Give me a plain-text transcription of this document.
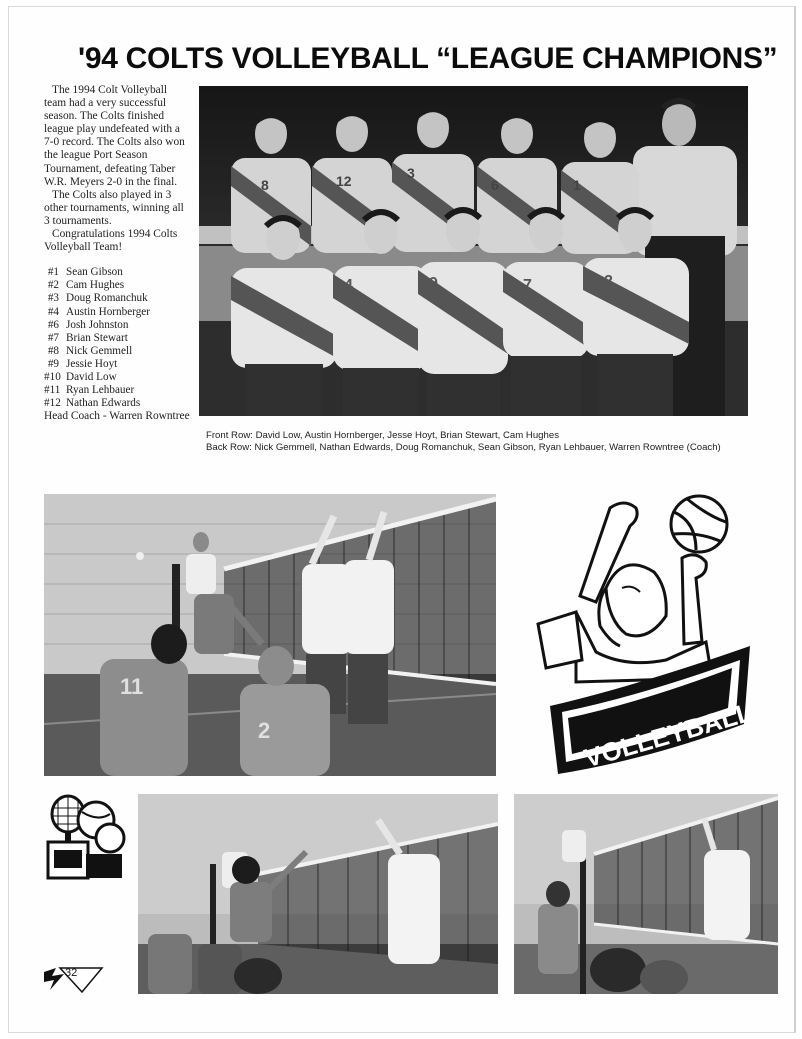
'94 COLTS VOLLEYBALL “LEAGUE CHAMPIONS”

The 1994 Colt Volleyball team had a very successful season. The Colts finished league play undefeated with a 7-0 record. The Colts also won the league Port Season Tournament, defeating Taber W.R. Meyers 2-0 in the final.

The Colts also played in 3 other tournaments, winning all 3 tournaments.

Congratulations 1994 Colts Volleyball Team!

#1 Sean Gibson
#2 Cam Hughes
#3 Doug Romanchuk
#4 Austin Hornberger
#6 Josh Johnston
#7 Brian Stewart
#8 Nick Gemmell
#9 Jessie Hoyt
#10 David Low
#11 Ryan Lehbauer
#12 Nathan Edwards
Head Coach - Warren Rowntree
8	12	3
6	1
10
4	9	7	2
Front Row: David Low, Austin Hornberger, Jesse Hoyt, Brian Stewart, Cam Hughes
Back Row: Nick Gemmell, Nathan Edwards, Doug Romanchuk, Sean Gibson, Ryan Lehbauer, Warren Rowntree (Coach)
11
2	VOLLEYBALL
32
